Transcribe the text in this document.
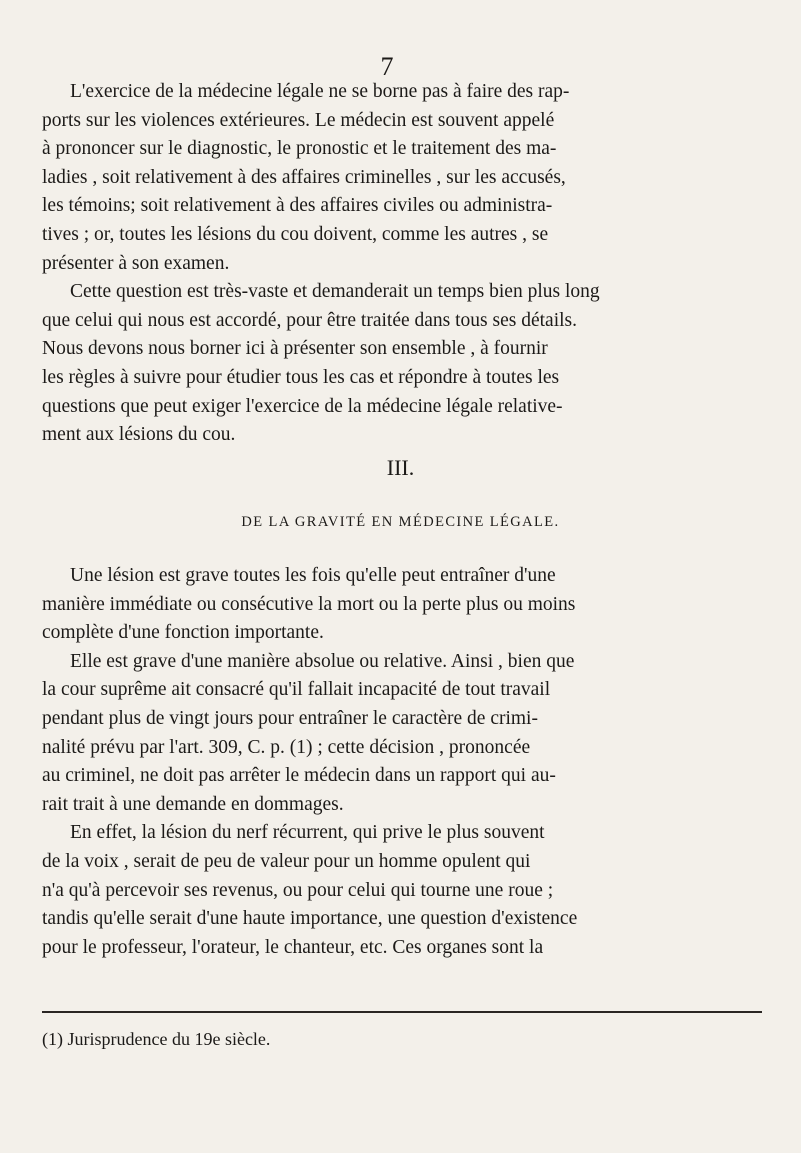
7
L'exercice de la médecine légale ne se borne pas à faire des rap-
ports sur les violences extérieures. Le médecin est souvent appelé
à prononcer sur le diagnostic, le pronostic et le traitement des ma-
ladies , soit relativement à des affaires criminelles , sur les accusés,
les témoins; soit relativement à des affaires civiles ou administra-
tives ; or, toutes les lésions du cou doivent, comme les autres , se
présenter à son examen.
Cette question est très-vaste et demanderait un temps bien plus long
que celui qui nous est accordé, pour être traitée dans tous ses détails.
Nous devons nous borner ici à présenter son ensemble , à fournir
les règles à suivre pour étudier tous les cas et répondre à toutes les
questions que peut exiger l'exercice de la médecine légale relative-
ment aux lésions du cou.
III.
DE LA GRAVITÉ EN MÉDECINE LÉGALE.
Une lésion est grave toutes les fois qu'elle peut entraîner d'une
manière immédiate ou consécutive la mort ou la perte plus ou moins
complète d'une fonction importante.
Elle est grave d'une manière absolue ou relative. Ainsi , bien que
la cour suprême ait consacré qu'il fallait incapacité de tout travail
pendant plus de vingt jours pour entraîner le caractère de crimi-
nalité prévu par l'art. 309, C. p. (1) ; cette décision , prononcée
au criminel, ne doit pas arrêter le médecin dans un rapport qui au-
rait trait à une demande en dommages.
En effet, la lésion du nerf récurrent, qui prive le plus souvent
de la voix , serait de peu de valeur pour un homme opulent qui
n'a qu'à percevoir ses revenus, ou pour celui qui tourne une roue ;
tandis qu'elle serait d'une haute importance, une question d'existence
pour le professeur, l'orateur, le chanteur, etc. Ces organes sont la
(1) Jurisprudence du 19e siècle.
